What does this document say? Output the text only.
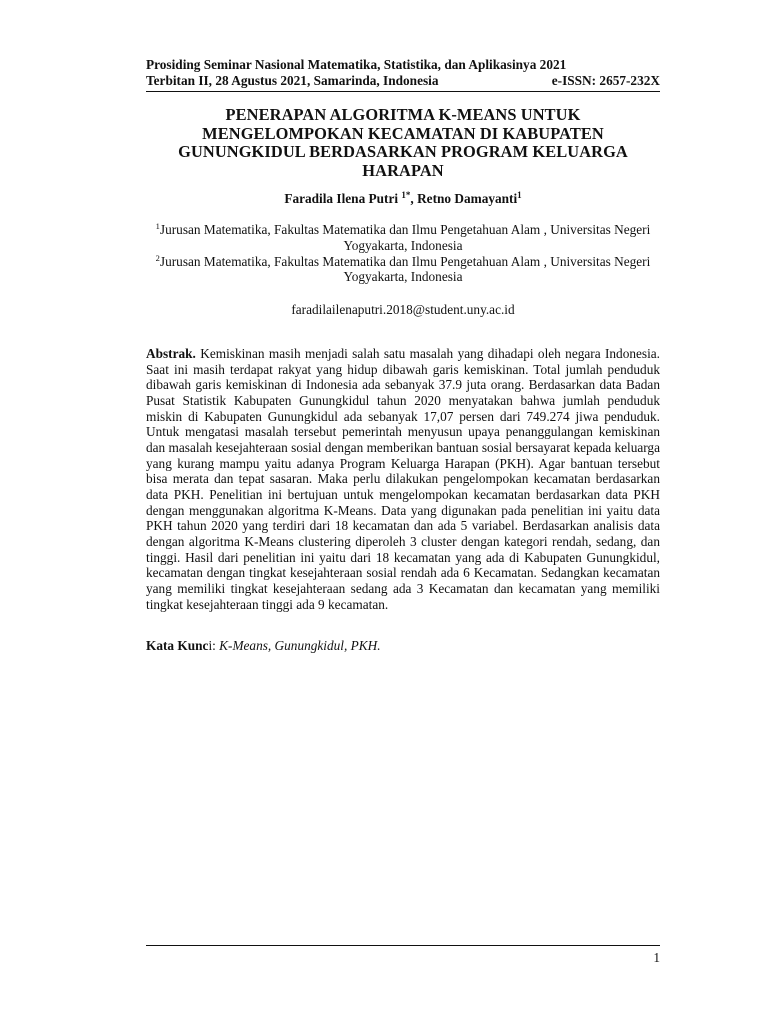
Prosiding Seminar Nasional Matematika, Statistika, dan Aplikasinya 2021
Terbitan II, 28 Agustus 2021, Samarinda, Indonesia	e-ISSN: 2657-232X
PENERAPAN ALGORITMA K-MEANS UNTUK MENGELOMPOKAN KECAMATAN DI KABUPATEN GUNUNGKIDUL BERDASARKAN PROGRAM KELUARGA HARAPAN
Faradila Ilena Putri $^{1*}$, Retno Damayanti$^1$
$^1$Jurusan Matematika, Fakultas Matematika dan Ilmu Pengetahuan Alam , Universitas Negeri Yogyakarta, Indonesia
$^2$Jurusan Matematika, Fakultas Matematika dan Ilmu Pengetahuan Alam , Universitas Negeri Yogyakarta, Indonesia
faradilailenaputri.2018@student.uny.ac.id
Abstrak. Kemiskinan masih menjadi salah satu masalah yang dihadapi oleh negara Indonesia. Saat ini masih terdapat rakyat yang hidup dibawah garis kemiskinan. Total jumlah penduduk dibawah garis kemiskinan di Indonesia ada sebanyak 37.9 juta orang. Berdasarkan data Badan Pusat Statistik Kabupaten Gunungkidul tahun 2020 menyatakan bahwa jumlah penduduk miskin di Kabupaten Gunungkidul ada sebanyak 17,07 persen dari 749.274 jiwa penduduk. Untuk mengatasi masalah tersebut pemerintah menyusun upaya penanggulangan kemiskinan dan masalah kesejahteraan sosial dengan memberikan bantuan sosial bersayarat kepada keluarga yang kurang mampu yaitu adanya Program Keluarga Harapan (PKH). Agar bantuan tersebut bisa merata dan tepat sasaran. Maka perlu dilakukan pengelompokan kecamatan berdasarkan data PKH. Penelitian ini bertujuan untuk mengelompokan kecamatan berdasarkan data PKH dengan menggunakan algoritma K-Means. Data yang digunakan pada penelitian ini yaitu data PKH tahun 2020 yang terdiri dari 18 kecamatan dan ada 5 variabel. Berdasarkan analisis data dengan algoritma K-Means clustering diperoleh 3 cluster dengan kategori rendah, sedang, dan tinggi. Hasil dari penelitian ini yaitu dari 18 kecamatan yang ada di Kabupaten Gunungkidul, kecamatan dengan tingkat kesejahteraan sosial rendah ada 6 Kecamatan. Sedangkan kecamatan yang memiliki tingkat kesejahteraan sedang ada 3 Kecamatan dan kecamatan yang memiliki tingkat kesejahteraan tinggi ada 9 kecamatan.
Kata Kunci: K-Means, Gunungkidul, PKH.
1
